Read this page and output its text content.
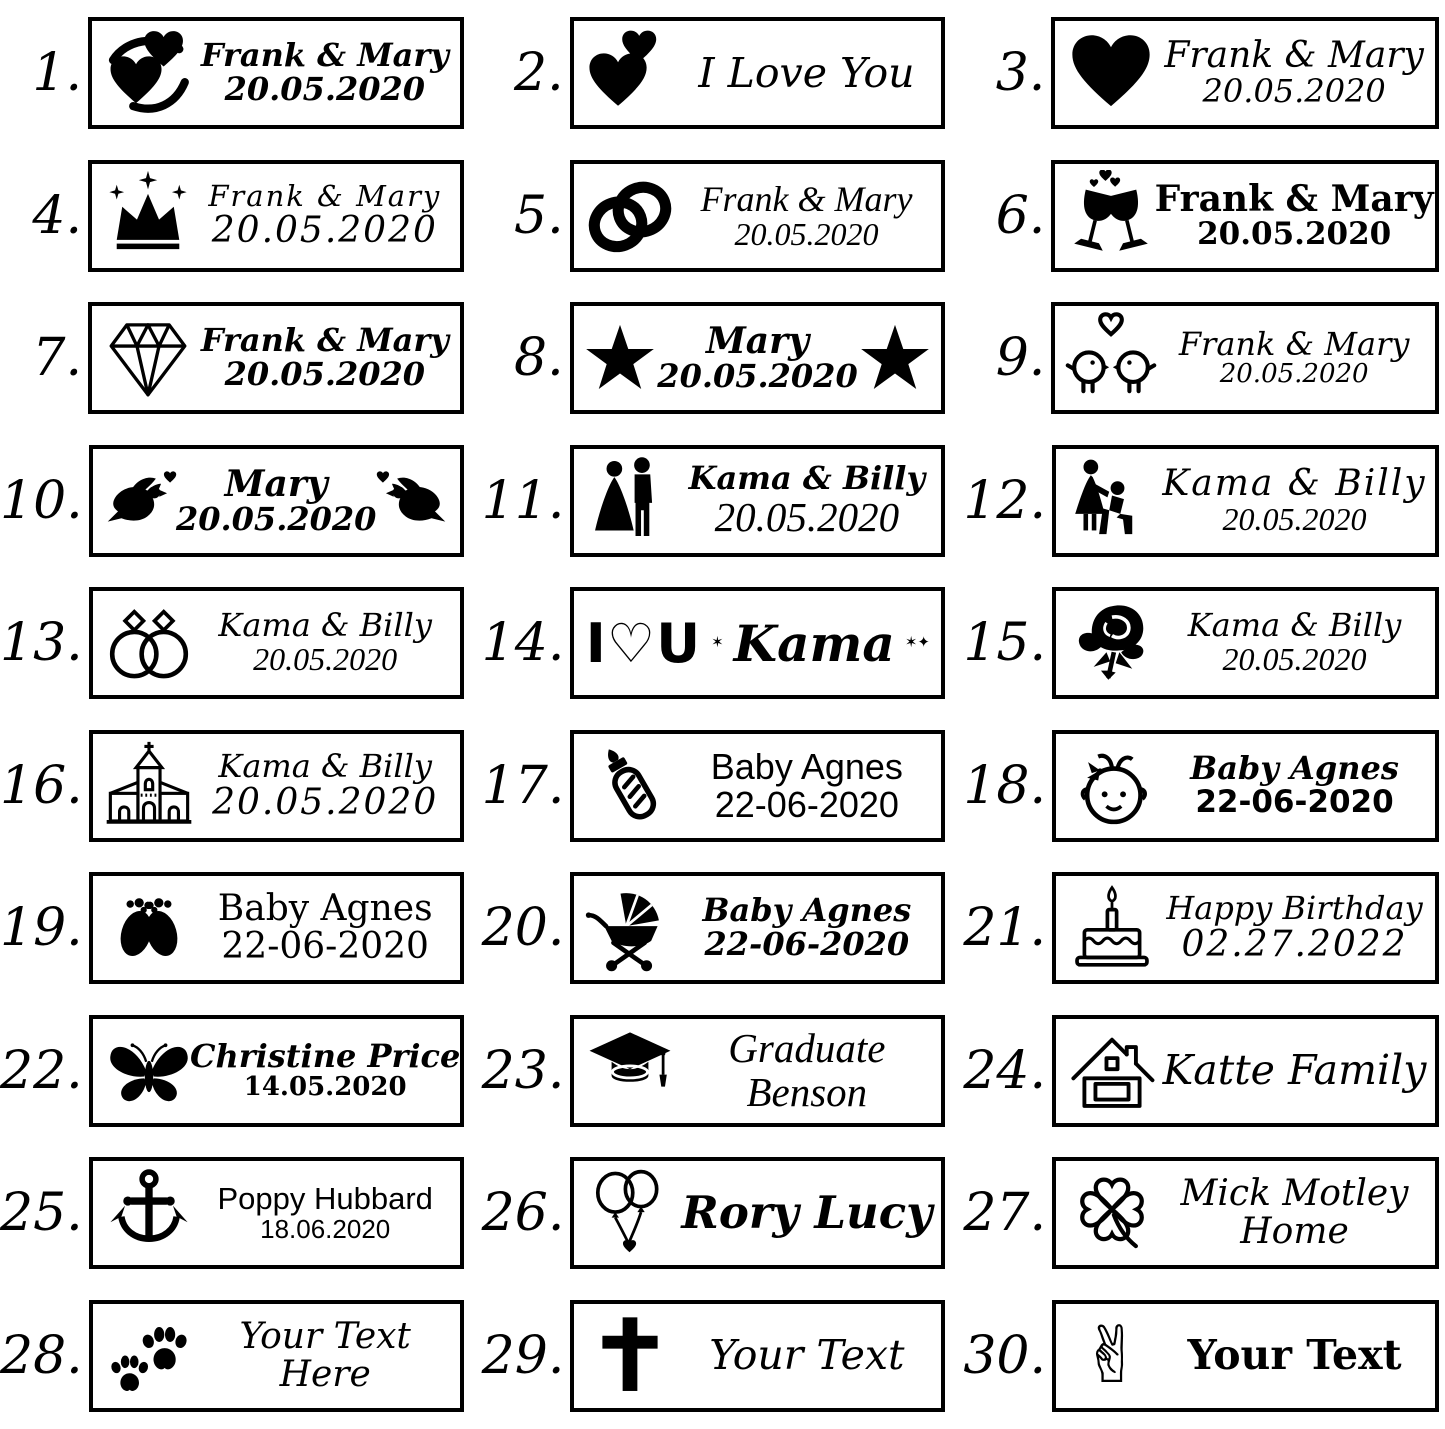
1.	Frank & Mary
20.05.2020	2.	I Love You	3.	Frank & Mary
20.05.2020
4.	Frank & Mary
20.05.2020	5.	Frank & Mary
20.05.2020	6.	Frank & Mary
20.05.2020
7.	Frank & Mary
20.05.2020	8.	Mary
20.05.2020	9.	Frank & Mary
20.05.2020
10.	Mary
20.05.2020 11.	Kama & Billy
20.05.2020 12.	Kama & Billy
20.05.2020
13.	Kama & Billy
20.05.2020 14. I♡U ✶ Kama ✶✦ 15.	Kama & Billy
20.05.2020
16.	Kama & Billy
20.05.2020 17.	Baby Agnes
22-06-2020 18.	Baby Agnes
22-06-2020
19.	Baby Agnes
22-06-2020 20.	Baby Agnes
22-06-2020 21.	Happy Birthday
02.27.2022
22.	Christine Price
14.05.2020 23.	Graduate
Benson 24.	Katte Family
25.	Poppy Hubbard
18.06.2020 26.	Rory Lucy 27.	Mick Motley
Home
28.	Your Text
Here 29.	Your Text 30. ✌	Your Text
